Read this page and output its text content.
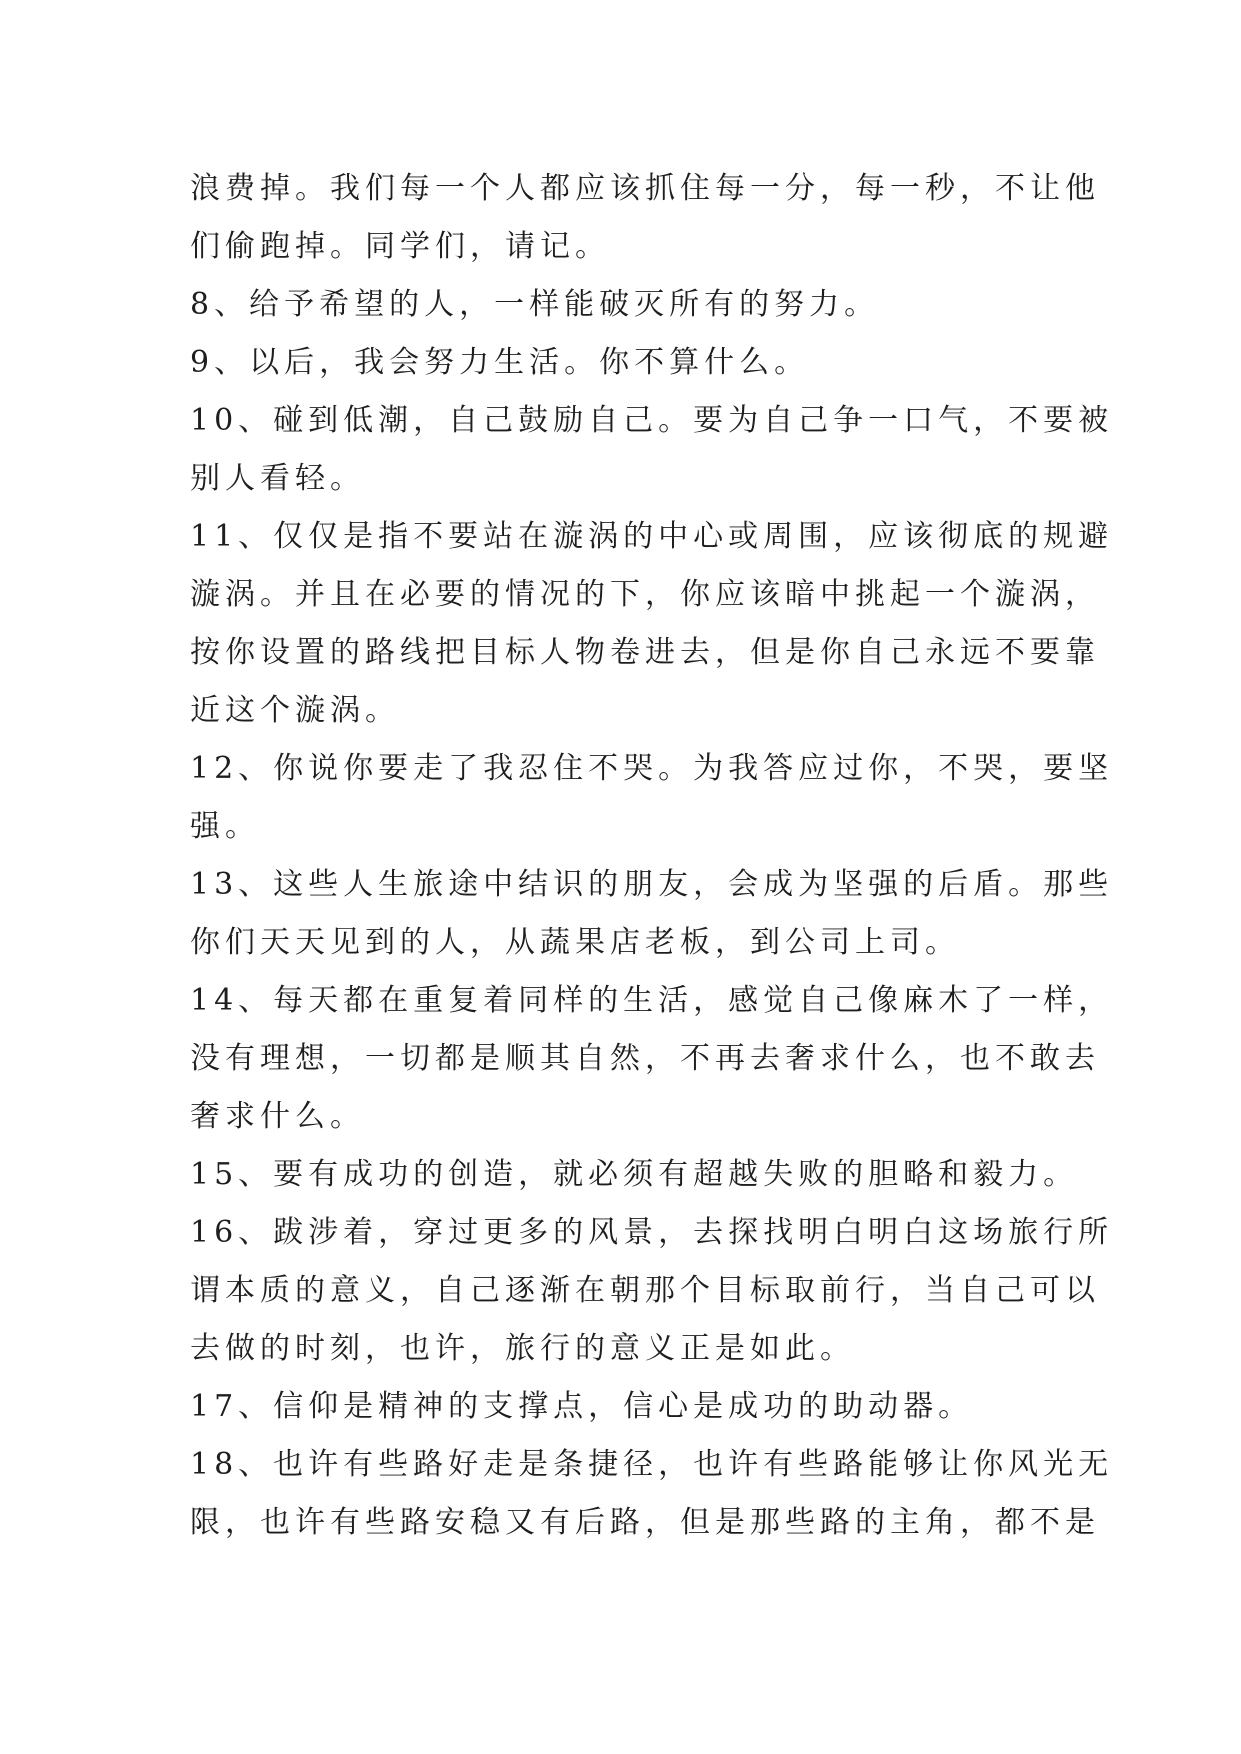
浪费掉。我们每一个人都应该抓住每一分，每一秒，不让他
们偷跑掉。同学们，请记。
8、给予希望的人，一样能破灭所有的努力。
9、以后，我会努力生活。你不算什么。
10、碰到低潮，自己鼓励自己。要为自己争一口气，不要被
别人看轻。
11、仅仅是指不要站在漩涡的中心或周围，应该彻底的规避
漩涡。并且在必要的情况的下，你应该暗中挑起一个漩涡，
按你设置的路线把目标人物卷进去，但是你自己永远不要靠
近这个漩涡。
12、你说你要走了我忍住不哭。为我答应过你，不哭，要坚
强。
13、这些人生旅途中结识的朋友，会成为坚强的后盾。那些
你们天天见到的人，从蔬果店老板，到公司上司。
14、每天都在重复着同样的生活，感觉自己像麻木了一样，
没有理想，一切都是顺其自然，不再去奢求什么，也不敢去
奢求什么。
15、要有成功的创造，就必须有超越失败的胆略和毅力。
16、跋涉着，穿过更多的风景，去探找明白明白这场旅行所
谓本质的意义，自己逐渐在朝那个目标取前行，当自己可以
去做的时刻，也许，旅行的意义正是如此。
17、信仰是精神的支撑点，信心是成功的助动器。
18、也许有些路好走是条捷径，也许有些路能够让你风光无
限，也许有些路安稳又有后路，但是那些路的主角，都不是
